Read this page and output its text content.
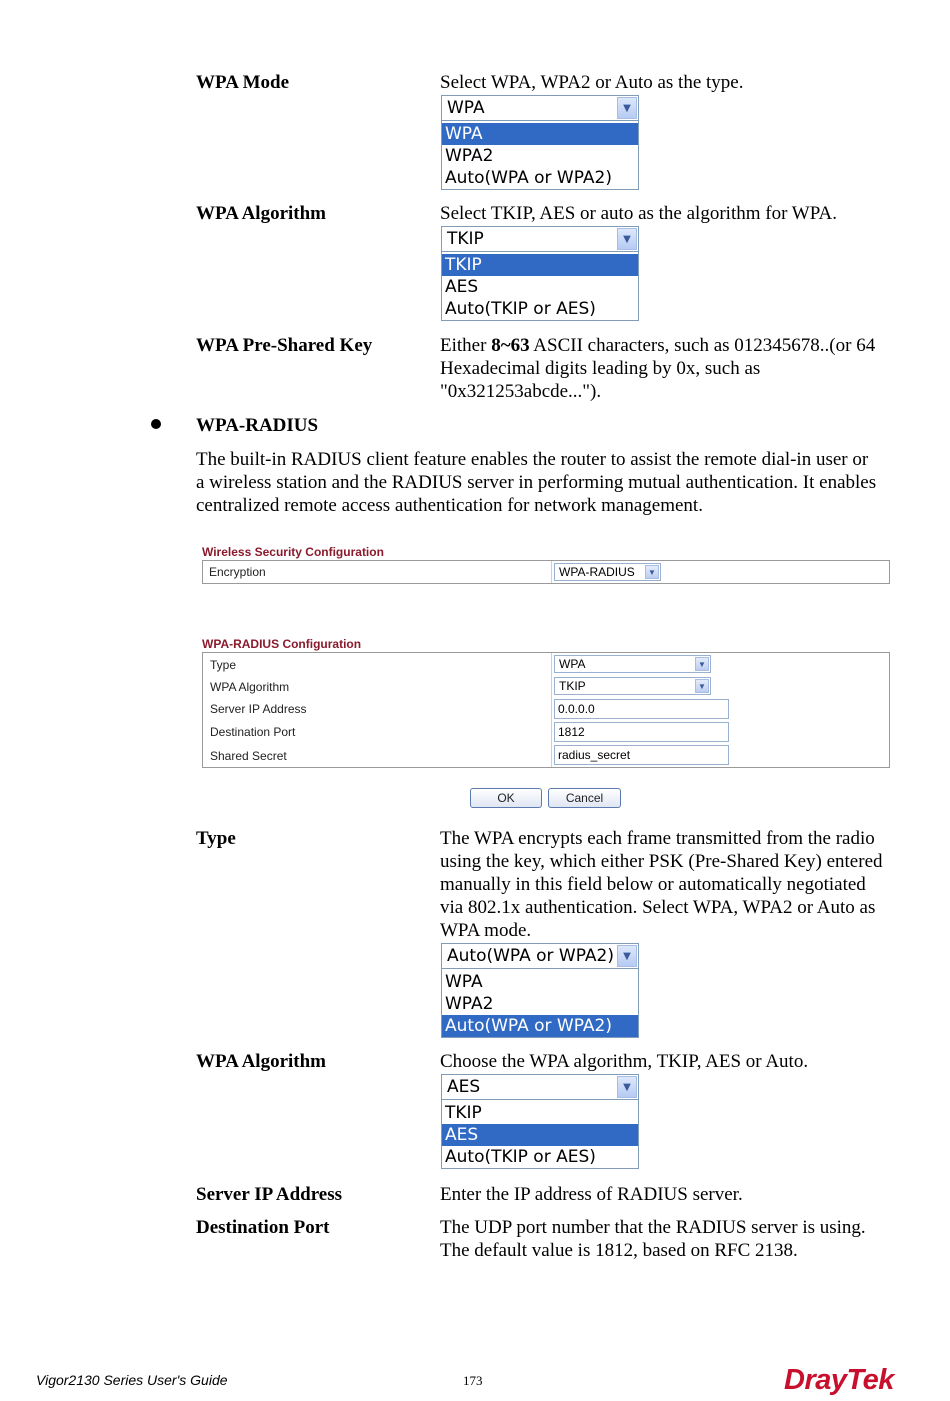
WPA Mode	Select WPA, WPA2 or Auto as the type.
WPA	▼
WPA
WPA2
Auto(WPA or WPA2)
WPA Algorithm	Select TKIP, AES or auto as the algorithm for WPA.
TKIP	▼
TKIP
AES
Auto(TKIP or AES)
WPA Pre-Shared Key	Either 8~63 ASCII characters, such as 012345678..(or 64
Hexadecimal digits leading by 0x, such as
"0x321253abcde...").
WPA-RADIUS
The built-in RADIUS client feature enables the router to assist the remote dial-in user or
a wireless station and the RADIUS server in performing mutual authentication. It enables
centralized remote access authentication for network management.
Wireless Security Configuration
Encryption	WPA-RADIUS	▼
WPA-RADIUS Configuration
Type	WPA	▼
WPA Algorithm	TKIP	▼
Server IP Address	0.0.0.0
Destination Port	1812
Shared Secret	radius_secret
OK	Cancel
Type	The WPA encrypts each frame transmitted from the radio
using the key, which either PSK (Pre-Shared Key) entered
manually in this field below or automatically negotiated
via 802.1x authentication. Select WPA, WPA2 or Auto as
WPA mode.
Auto(WPA or WPA2) ▼
WPA
WPA2
Auto(WPA or WPA2)
WPA Algorithm	Choose the WPA algorithm, TKIP, AES or Auto.
AES	▼
TKIP
AES
Auto(TKIP or AES)
Server IP Address	Enter the IP address of RADIUS server.
Destination Port	The UDP port number that the RADIUS server is using.
The default value is 1812, based on RFC 2138.
Vigor2130 Series User's Guide	173	DrayTek
